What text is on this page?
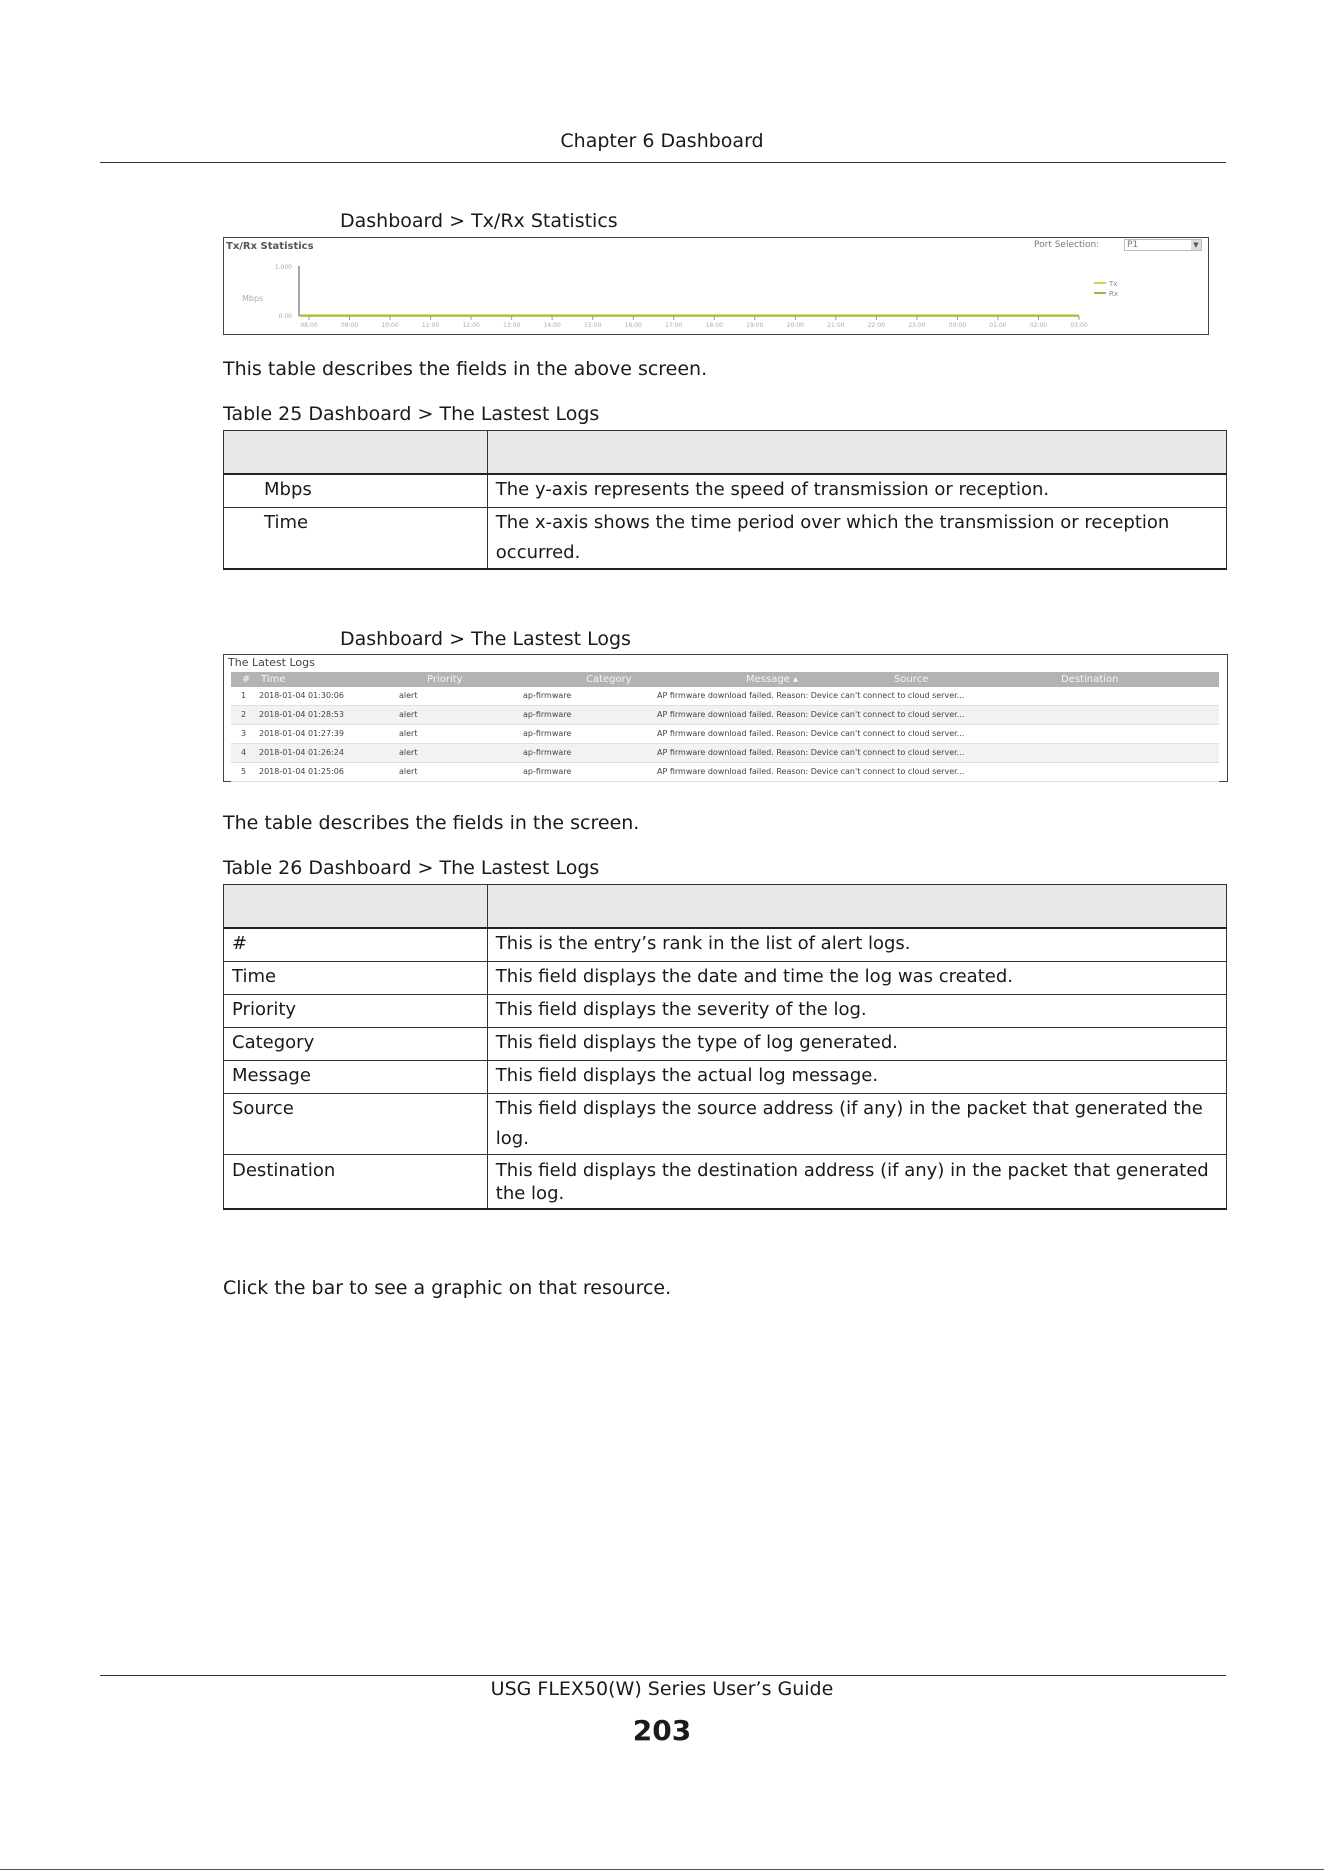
Chapter 6 Dashboard
Dashboard > Tx/Rx Statistics
Mbps
1.000
0.00
08:00	09:00	10:00	11:00	12:00	13:00	14:00	15:00	16:00	17:00	18:00	19:00	20:00	21:00	22:00	23:00	00:00	01:00	02:00	03:00
Tx
Rx
Tx/Rx Statistics	Port Selection:	P1	▼
This table describes the fields in the above screen.
Table 25 Dashboard > The Lastest Logs

Mbps	The y-axis represents the speed of transmission or reception.
Time	The x-axis shows the time period over which the transmission or reception occurred.
Dashboard > The Lastest Logs
The Latest Logs
# Time	Priority	Category	Message ▴	Source	Destination
1 2018-01-04 01:30:06	alert	ap-firmware	AP firmware download failed. Reason: Device can't connect to cloud server...
2 2018-01-04 01:28:53	alert	ap-firmware	AP firmware download failed. Reason: Device can't connect to cloud server...
3 2018-01-04 01:27:39	alert	ap-firmware	AP firmware download failed. Reason: Device can't connect to cloud server...
4 2018-01-04 01:26:24	alert	ap-firmware	AP firmware download failed. Reason: Device can't connect to cloud server...
5 2018-01-04 01:25:06	alert	ap-firmware	AP firmware download failed. Reason: Device can't connect to cloud server...
The table describes the fields in the screen.
Table 26 Dashboard > The Lastest Logs

#	This is the entry’s rank in the list of alert logs.
Time	This field displays the date and time the log was created.
Priority	This field displays the severity of the log.
Category	This field displays the type of log generated.
Message	This field displays the actual log message.
Source	This field displays the source address (if any) in the packet that generated the log.
Destination	This field displays the destination address (if any) in the packet that generated the log.
Click the bar to see a graphic on that resource.
USG FLEX50(W) Series User’s Guide
203
